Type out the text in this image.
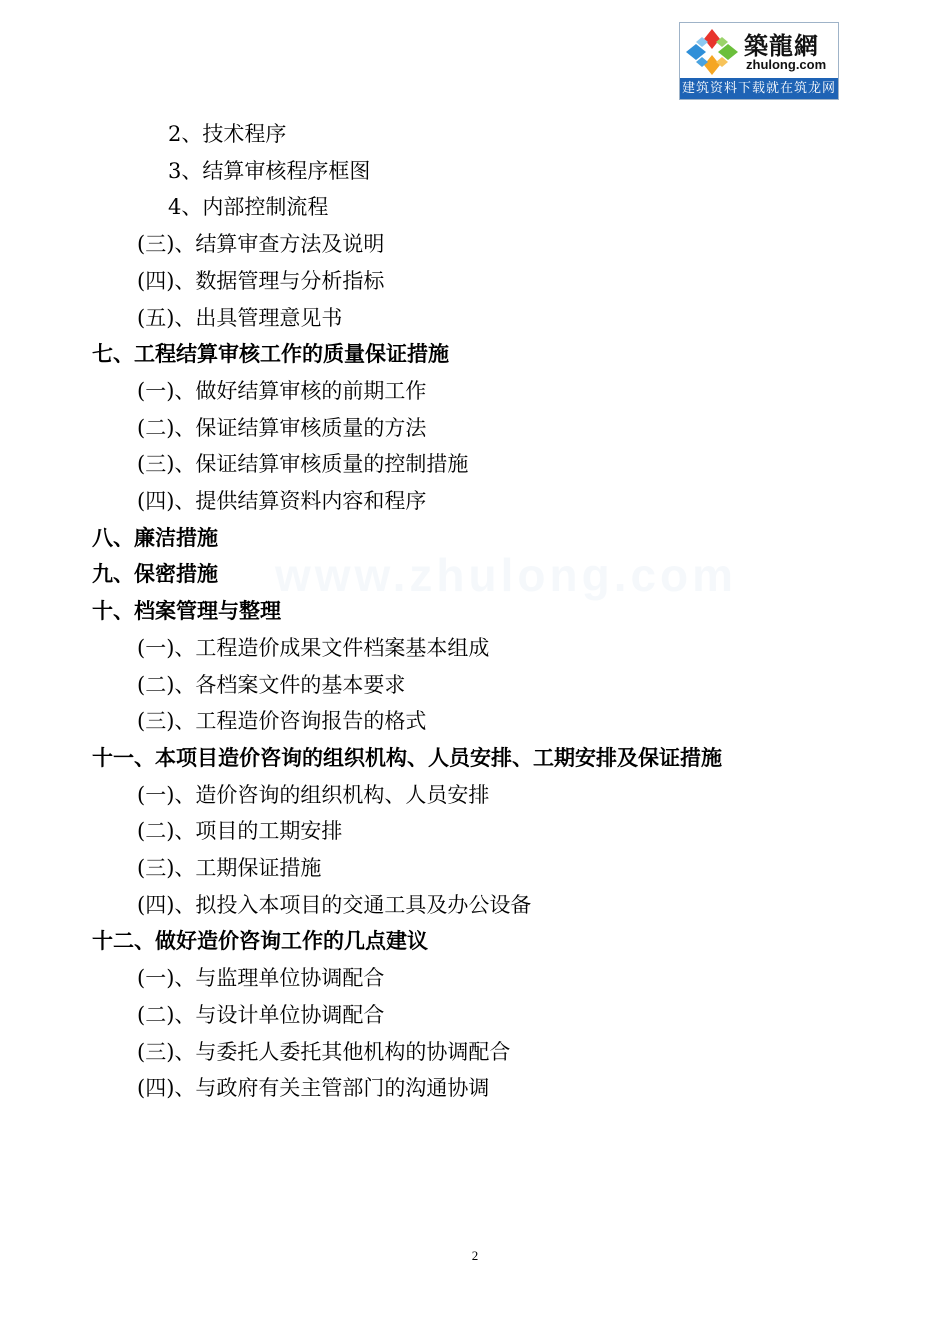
築龍網
zhulong.com
建筑资料下载就在筑龙网
www.zhulong.com
2、技术程序
3、结算审核程序框图
4、内部控制流程
(三)、结算审查方法及说明
(四)、数据管理与分析指标
(五)、出具管理意见书
七、工程结算审核工作的质量保证措施
(一)、做好结算审核的前期工作
(二)、保证结算审核质量的方法
(三)、保证结算审核质量的控制措施
(四)、提供结算资料内容和程序
八、廉洁措施
九、保密措施
十、档案管理与整理
(一)、工程造价成果文件档案基本组成
(二)、各档案文件的基本要求
(三)、工程造价咨询报告的格式
十一、本项目造价咨询的组织机构、人员安排、工期安排及保证措施
(一)、造价咨询的组织机构、人员安排
(二)、项目的工期安排
(三)、工期保证措施
(四)、拟投入本项目的交通工具及办公设备
十二、做好造价咨询工作的几点建议
(一)、与监理单位协调配合
(二)、与设计单位协调配合
(三)、与委托人委托其他机构的协调配合
(四)、与政府有关主管部门的沟通协调
2
